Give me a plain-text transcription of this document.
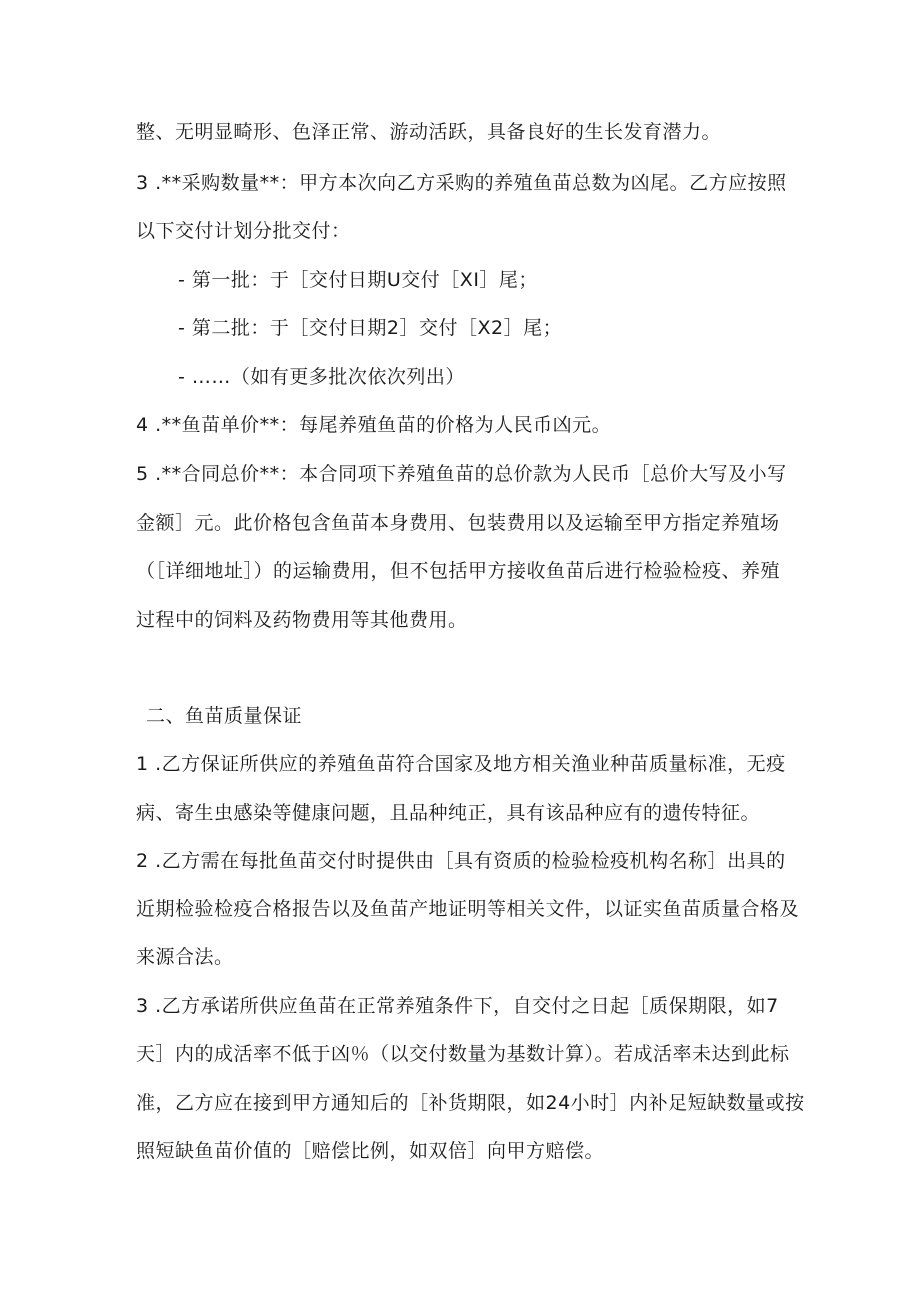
整、无明显畸形、色泽正常、游动活跃，具备良好的生长发育潜力。
3 .**采购数量**：甲方本次向乙方采购的养殖鱼苗总数为凶尾。乙方应按照
以下交付计划分批交付：
- 第一批：于［交付日期U交付［XI］尾；
- 第二批：于［交付日期2］交付［X2］尾；
- ……（如有更多批次依次列出）
4 .**鱼苗单价**：每尾养殖鱼苗的价格为人民币凶元。
5 .**合同总价**：本合同项下养殖鱼苗的总价款为人民币［总价大写及小写
金额］元。此价格包含鱼苗本身费用、包装费用以及运输至甲方指定养殖场
（［详细地址］）的运输费用，但不包括甲方接收鱼苗后进行检验检疫、养殖
过程中的饲料及药物费用等其他费用。
二、鱼苗质量保证
1 .乙方保证所供应的养殖鱼苗符合国家及地方相关渔业种苗质量标准，无疫
病、寄生虫感染等健康问题，且品种纯正，具有该品种应有的遗传特征。
2 .乙方需在每批鱼苗交付时提供由［具有资质的检验检疫机构名称］出具的
近期检验检疫合格报告以及鱼苗产地证明等相关文件，以证实鱼苗质量合格及
来源合法。
3 .乙方承诺所供应鱼苗在正常养殖条件下，自交付之日起［质保期限，如7
天］内的成活率不低于凶％（以交付数量为基数计算）。若成活率未达到此标
准，乙方应在接到甲方通知后的［补货期限，如24小时］内补足短缺数量或按
照短缺鱼苗价值的［赔偿比例，如双倍］向甲方赔偿。
